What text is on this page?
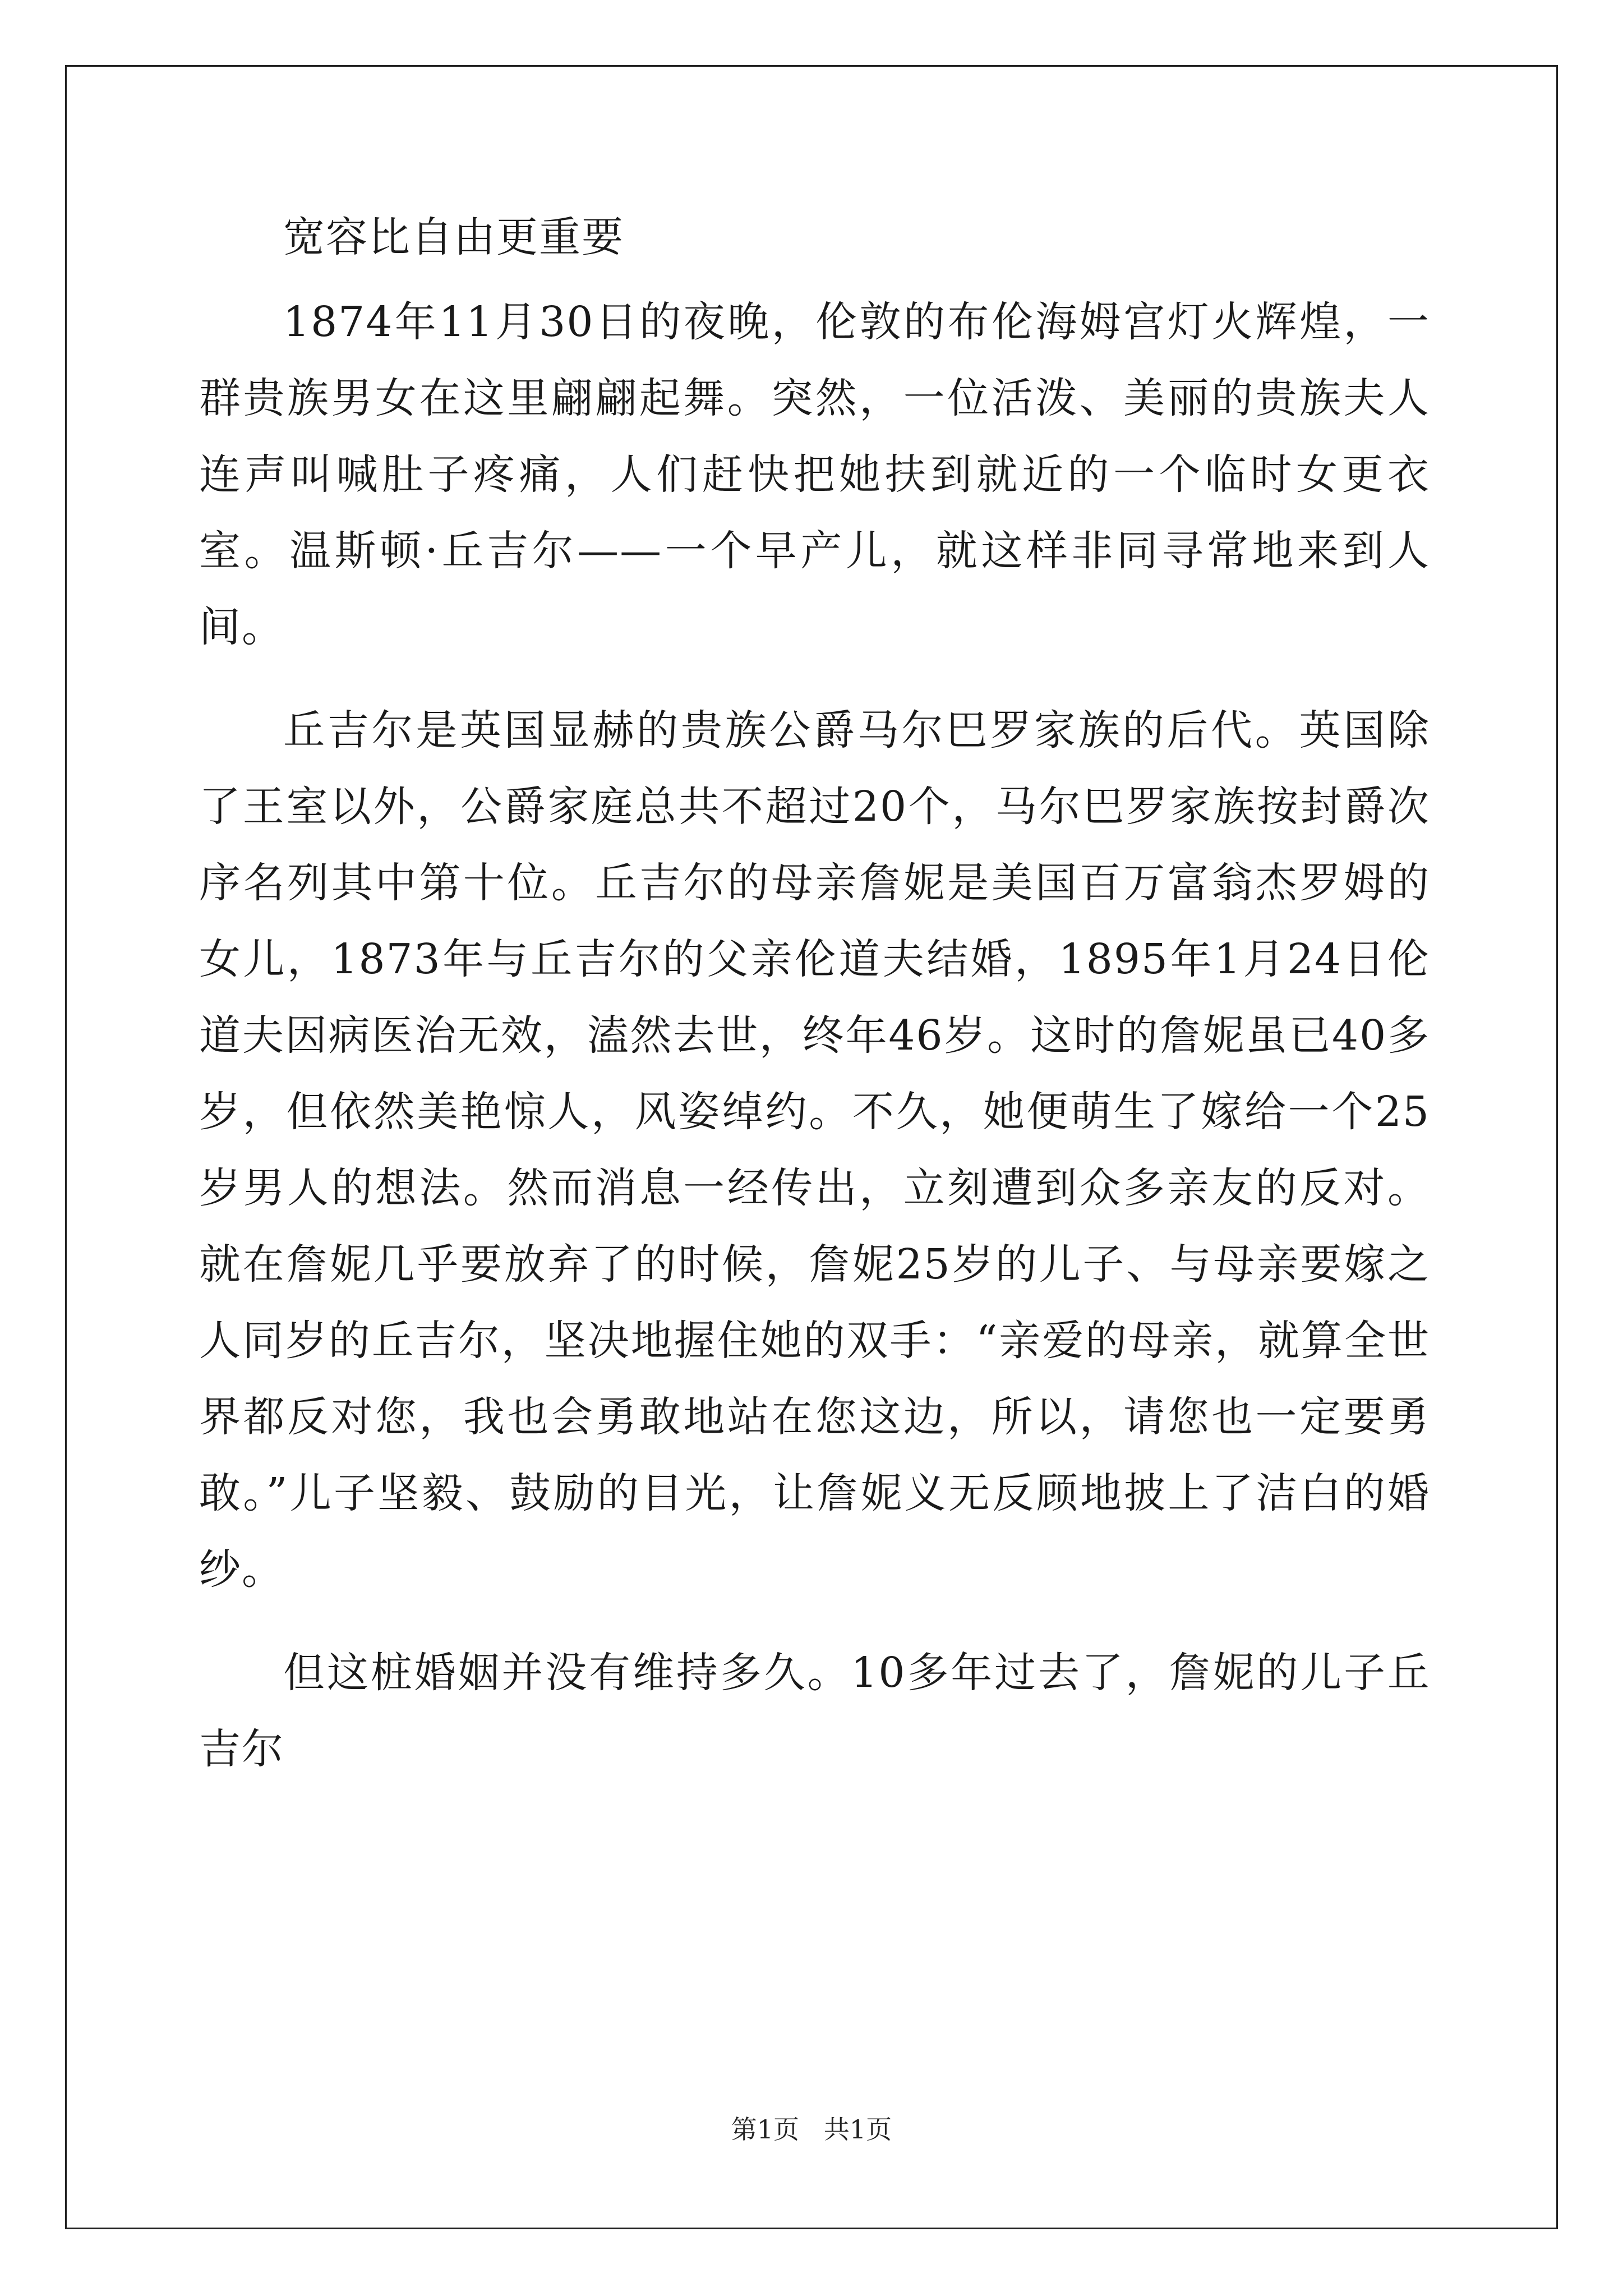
宽容比自由更重要

1874年11月30日的夜晚，伦敦的布伦海姆宫灯火辉煌，一群贵族男女在这里翩翩起舞。突然，一位活泼、美丽的贵族夫人连声叫喊肚子疼痛，人们赶快把她扶到就近的一个临时女更衣室。温斯顿·丘吉尔——一个早产儿，就这样非同寻常地来到人间。

丘吉尔是英国显赫的贵族公爵马尔巴罗家族的后代。英国除了王室以外，公爵家庭总共不超过20个，马尔巴罗家族按封爵次序名列其中第十位。丘吉尔的母亲詹妮是美国百万富翁杰罗姆的女儿，1873年与丘吉尔的父亲伦道夫结婚，1895年1月24日伦道夫因病医治无效，溘然去世，终年46岁。这时的詹妮虽已40多岁，但依然美艳惊人，风姿绰约。不久，她便萌生了嫁给一个25岁男人的想法。然而消息一经传出，立刻遭到众多亲友的反对。就在詹妮几乎要放弃了的时候，詹妮25岁的儿子、与母亲要嫁之人同岁的丘吉尔，坚决地握住她的双手：“亲爱的母亲，就算全世界都反对您，我也会勇敢地站在您这边，所以，请您也一定要勇敢。”儿子坚毅、鼓励的目光，让詹妮义无反顾地披上了洁白的婚纱。

但这桩婚姻并没有维持多久。10多年过去了，詹妮的儿子丘吉尔

第1页   共1页
